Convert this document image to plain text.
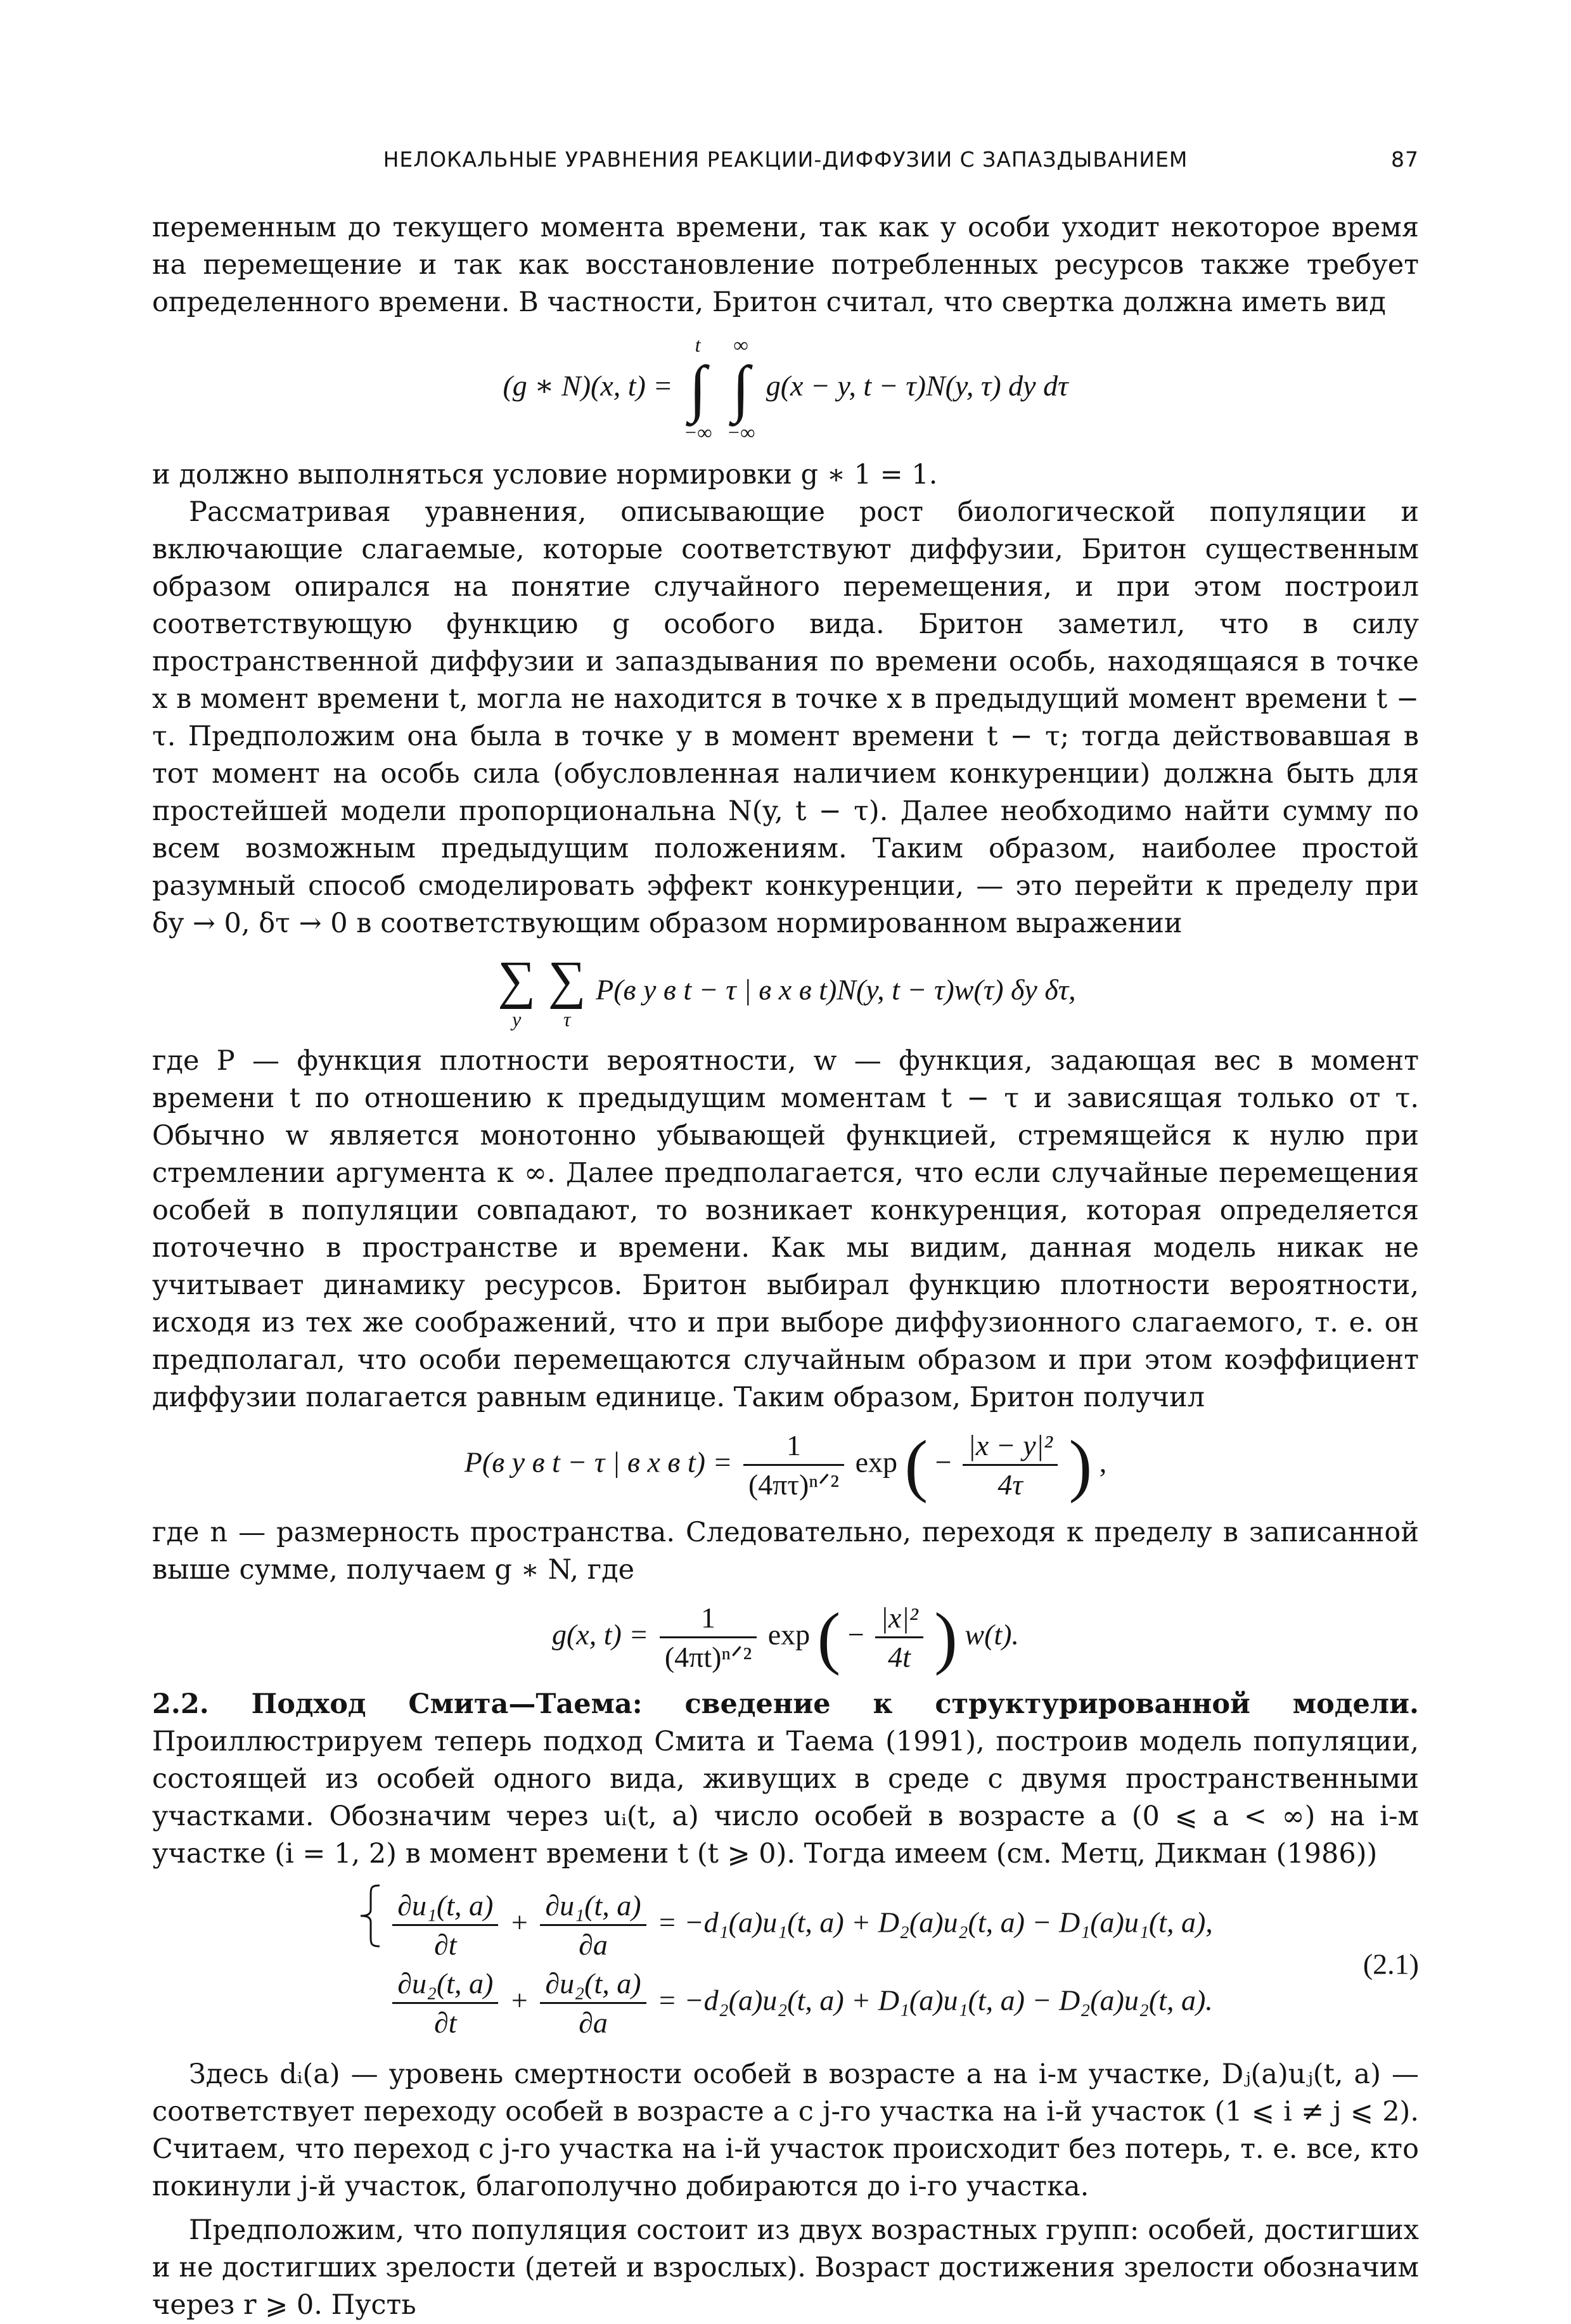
НЕЛОКАЛЬНЫЕ УРАВНЕНИЯ РЕАКЦИИ-ДИФФУЗИИ С ЗАПАЗДЫВАНИЕМ	87

переменным до текущего момента времени, так как у особи уходит некоторое время на перемещение и так как восстановление потребленных ресурсов также требует определенного времени. В частности, Бритон считал, что свертка должна иметь вид

(g ∗ N)(x, t) =
t
∫
−∞

∞
∫
−∞
g(x − y, t − τ)N(y, τ) dy dτ

и должно выполняться условие нормировки g ∗ 1 = 1.

Рассматривая уравнения, описывающие рост биологической популяции и включающие слагаемые, которые соответствуют диффузии, Бритон существенным образом опирался на понятие случайного перемещения, и при этом построил соответствующую функцию g особого вида. Бритон заметил, что в силу пространственной диффузии и запаздывания по времени особь, находящаяся в точке x в момент времени t, могла не находится в точке x в предыдущий момент времени t − τ. Предположим она была в точке y в момент времени t − τ; тогда действовавшая в тот момент на особь сила (обусловленная наличием конкуренции) должна быть для простейшей модели пропорциональна N(y, t − τ). Далее необходимо найти сумму по всем возможным предыдущим положениям. Таким образом, наиболее простой разумный способ смоделировать эффект конкуренции, — это перейти к пределу при δy → 0, δτ → 0 в соответствующим образом нормированном выражении

∑
y

∑
τ
P(в y в t − τ | в x в t)N(y, t − τ)w(τ) δy δτ,

где P — функция плотности вероятности, w — функция, задающая вес в момент времени t по отношению к предыдущим моментам t − τ и зависящая только от τ. Обычно w является монотонно убывающей функцией, стремящейся к нулю при стремлении аргумента к ∞. Далее предполагается, что если случайные перемещения особей в популяции совпадают, то возникает конкуренция, которая определяется поточечно в пространстве и времени. Как мы видим, данная модель никак не учитывает динамику ресурсов. Бритон выбирал функцию плотности вероятности, исходя из тех же соображений, что и при выборе диффузионного слагаемого, т. е. он предполагал, что особи перемещаются случайным образом и при этом коэффициент диффузии полагается равным единице. Таким образом, Бритон получил

P(в y в t − τ | в x в $t) = \frac{1}{\text{(4πτ)ⁿᐟ²}}$ exp ( − $\frac{\text{|x − y|²}}{4\tau}$ ) ,

где n — размерность пространства. Следовательно, переходя к пределу в записанной выше сумме, получаем g ∗ N, где

g(x, $t) = \frac{1}{\text{(4πt)ⁿᐟ²}}$ exp ( − $\frac{\text{|x|²}}{4t}$ ) w(t).

2.2. Подход Смита—Таема: сведение к структурированной модели. Проиллюстрируем теперь подход Смита и Таема (1991), построив модель популяции, состоящей из особей одного вида, живущих в среде с двумя пространственными участками. Обозначим через uᵢ(t, a) число особей в возрасте a (0 ⩽ a < ∞) на i-м участке (i = 1, 2) в момент времени t (t ⩾ 0). Тогда имеем (см. Метц, Дикман (1986))

$\frac{\text{∂u₁(t, a)}}{\partial t} + \frac{\text{∂u₁(t, a)}}{\partial a} = -d_1(a)u_1(t$, a) + D₂(a)u₂(t, a) − D₁(a)u₁(t, a),
$\frac{\text{∂u₂(t, a)}}{\partial t} + \frac{\text{∂u₂(t, a)}}{\partial a} = -d_2(a)u_2(t$, a) + D₁(a)u₁(t, a) − D₂(a)u₂(t, a).
(2.1)

Здесь dᵢ(a) — уровень смертности особей в возрасте a на i-м участке, Dⱼ(a)uⱼ(t, a) — соответствует переходу особей в возрасте a с j-го участка на i-й участок (1 ⩽ i ≠ j ⩽ 2). Считаем, что переход с j-го участка на i-й участок происходит без потерь, т. е. все, кто покинули j-й участок, благополучно добираются до i-го участка.

Предположим, что популяция состоит из двух возрастных групп: особей, достигших и не достигших зрелости (детей и взрослых). Возраст достижения зрелости обозначим через r ⩾ 0. Пусть
